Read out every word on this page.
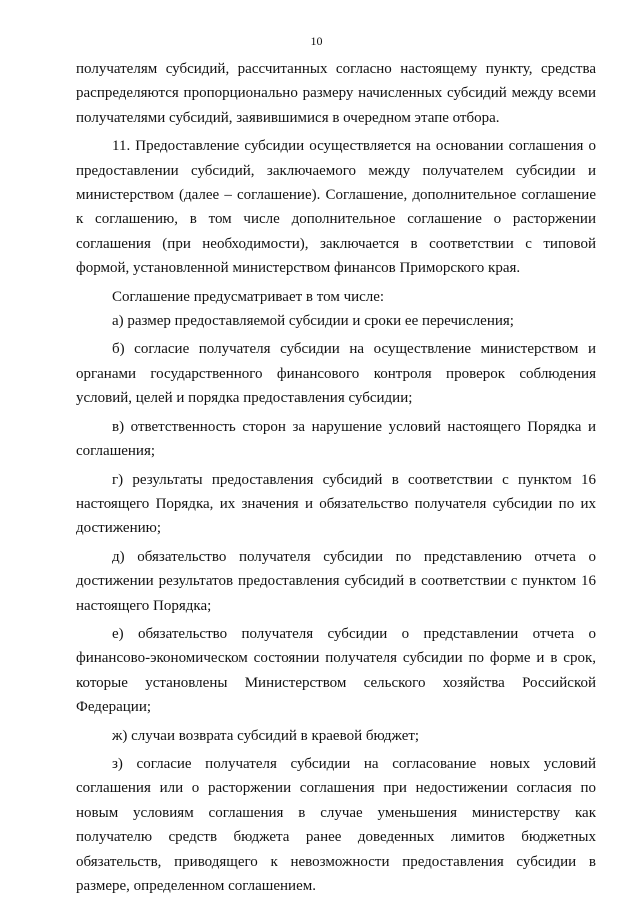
10

получателям субсидий, рассчитанных согласно настоящему пункту, средства распределяются пропорционально размеру начисленных субсидий между всеми получателями субсидий, заявившимися в очередном этапе отбора.

11. Предоставление субсидии осуществляется на основании соглашения о предоставлении субсидий, заключаемого между получателем субсидии и министерством (далее – соглашение). Соглашение, дополнительное соглашение к соглашению, в том числе дополнительное соглашение о расторжении соглашения (при необходимости), заключается в соответствии с типовой формой, установленной министерством финансов Приморского края.

Соглашение предусматривает в том числе:

а) размер предоставляемой субсидии и сроки ее перечисления;

б) согласие получателя субсидии на осуществление министерством и органами государственного финансового контроля проверок соблюдения условий, целей и порядка предоставления субсидии;

в) ответственность сторон за нарушение условий настоящего Порядка и соглашения;

г) результаты предоставления субсидий в соответствии с пунктом 16 настоящего Порядка, их значения и обязательство получателя субсидии по их достижению;

д) обязательство получателя субсидии по представлению отчета о достижении результатов предоставления субсидий в соответствии с пунктом 16 настоящего Порядка;

е) обязательство получателя субсидии о представлении отчета о финансово-экономическом состоянии получателя субсидии по форме и в срок, которые установлены Министерством сельского хозяйства Российской Федерации;

ж) случаи возврата субсидий в краевой бюджет;

з) согласие получателя субсидии на согласование новых условий соглашения или о расторжении соглашения при недостижении согласия по новым условиям соглашения в случае уменьшения министерству как получателю средств бюджета ранее доведенных лимитов бюджетных обязательств, приводящего к невозможности предоставления субсидии в размере, определенном соглашением.
